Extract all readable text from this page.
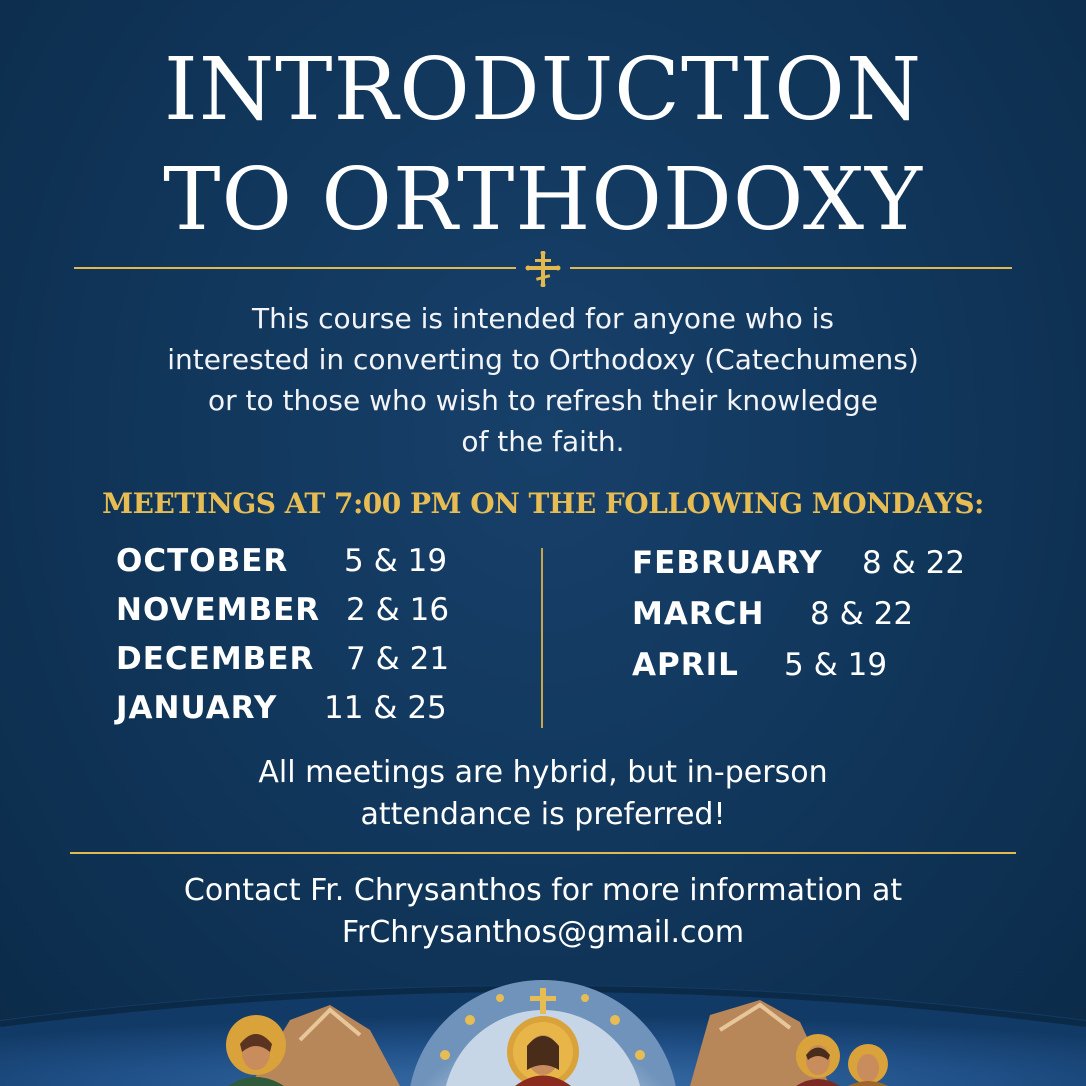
INTRODUCTION
TO ORTHODOXY
This course is intended for anyone who is
interested in converting to Orthodoxy (Catechumens)
or to those who wish to refresh their knowledge
of the faith.
MEETINGS AT 7:00 PM ON THE FOLLOWING MONDAYS:
OCTOBER 5 & 19
NOVEMBER 2 & 16
DECEMBER 7 & 21
JANUARY 11 & 25
FEBRUARY 8 & 22
MARCH 8 & 22
APRIL 5 & 19
All meetings are hybrid, but in-person
attendance is preferred!
Contact Fr. Chrysanthos for more information at
FrChrysanthos@gmail.com
